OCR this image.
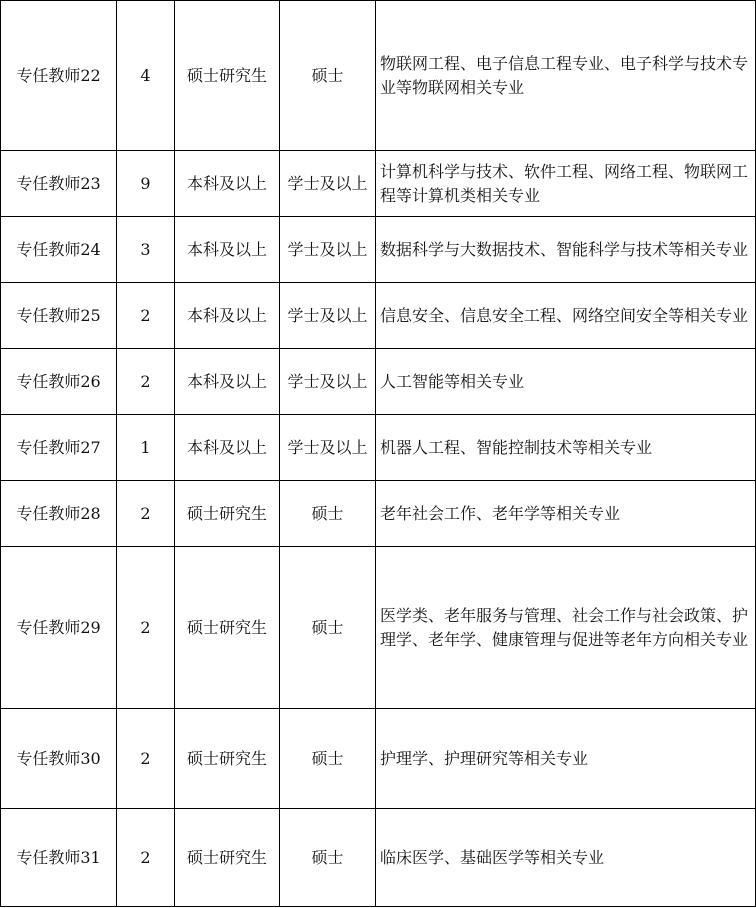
专任教师22	4	硕士研究生	硕士	物联网工程、电子信息工程专业、电子科学与技术专业等物联网相关专业
专任教师23	9	本科及以上	学士及以上	计算机科学与技术、软件工程、网络工程、物联网工程等计算机类相关专业
专任教师24	3	本科及以上	学士及以上	数据科学与大数据技术、智能科学与技术等相关专业
专任教师25	2	本科及以上	学士及以上	信息安全、信息安全工程、网络空间安全等相关专业
专任教师26	2	本科及以上	学士及以上	人工智能等相关专业
专任教师27	1	本科及以上	学士及以上	机器人工程、智能控制技术等相关专业
专任教师28	2	硕士研究生	硕士	老年社会工作、老年学等相关专业
专任教师29	2	硕士研究生	硕士	医学类、老年服务与管理、社会工作与社会政策、护理学、老年学、健康管理与促进等老年方向相关专业
专任教师30	2	硕士研究生	硕士	护理学、护理研究等相关专业
专任教师31	2	硕士研究生	硕士	临床医学、基础医学等相关专业
